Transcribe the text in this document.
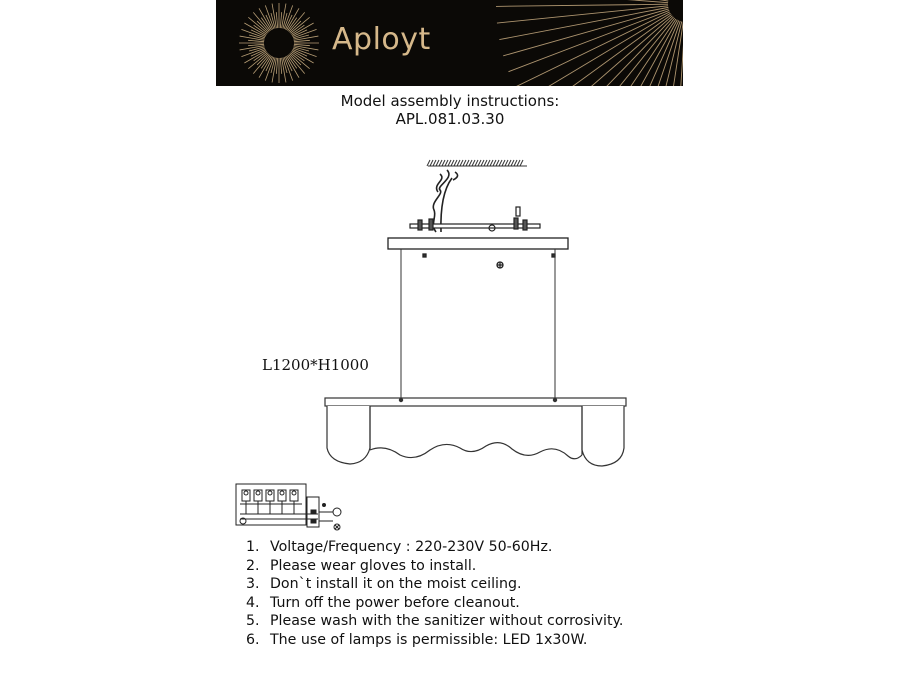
Aployt
Model assembly instructions:
APL.081.03.30
L1200*H1000
1. Voltage/Frequency : 220-230V 50-60Hz.
2. Please wear gloves to install.
3. Don`t install it on the moist ceiling.
4. Turn off the power before cleanout.
5. Please wash with the sanitizer without corrosivity.
6. The use of lamps is permissible: LED 1x30W.
